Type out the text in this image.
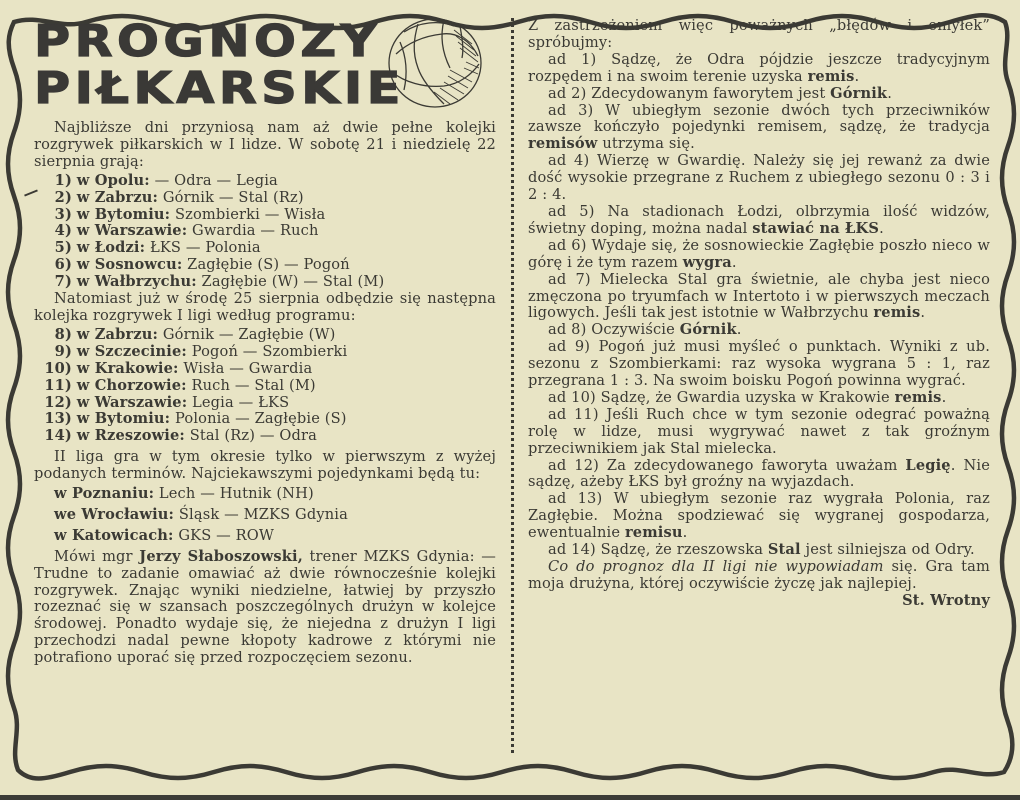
PROGNOZY
PIŁKARSKIE

Najbliższe dni przyniosą nam aż dwie pełne kolejki rozgrywek piłkarskich w I lidze. W sobotę 21 i niedzielę 22 sierpnia grają:

1) w Opolu: — Odra — Legia
2) w Zabrzu: Górnik — Stal (Rz)
3) w Bytomiu: Szombierki — Wisła
4) w Warszawie: Gwardia — Ruch
5) w Łodzi: ŁKS — Polonia
6) w Sosnowcu: Zagłębie (S) — Pogoń
7) w Wałbrzychu: Zagłębie (W) — Stal (M)

Natomiast już w środę 25 sierpnia odbędzie się następna kolejka rozgrywek I ligi według programu:

8) w Zabrzu: Górnik — Zagłębie (W)
9) w Szczecinie: Pogoń — Szombierki
10) w Krakowie: Wisła — Gwardia
11) w Chorzowie: Ruch — Stal (M)
12) w Warszawie: Legia — ŁKS
13) w Bytomiu: Polonia — Zagłębie (S)
14) w Rzeszowie: Stal (Rz) — Odra

II liga gra w tym okresie tylko w pierwszym z wyżej podanych terminów. Najciekawszymi pojedynkami będą tu:

w Poznaniu: Lech — Hutnik (NH)
we Wrocławiu: Śląsk — MZKS Gdynia
w Katowicach: GKS — ROW

Mówi mgr Jerzy Słaboszowski, trener MZKS Gdynia: — Trudne to zadanie omawiać aż dwie równocześnie kolejki rozgrywek. Znając wyniki niedzielne, łatwiej by przyszło rozeznać się w szansach poszczególnych drużyn w kolejce środowej. Ponadto wydaje się, że niejedna z drużyn I ligi przechodzi nadal pewne kłopoty kadrowe z którymi nie potrafiono uporać się przed rozpoczęciem sezonu.

Z zastrzeżeniem więc poważnych „błędów i omyłek” spróbujmy:

ad 1) Sądzę, że Odra pójdzie jeszcze tradycyjnym rozpędem i na swoim terenie uzyska remis.

ad 2) Zdecydowanym faworytem jest Górnik.

ad 3) W ubiegłym sezonie dwóch tych przeciwników zawsze kończyło pojedynki remisem, sądzę, że tradycja remisów utrzyma się.

ad 4) Wierzę w Gwardię. Należy się jej rewanż za dwie dość wysokie przegrane z Ruchem z ubiegłego sezonu 0 : 3 i 2 : 4.

ad 5) Na stadionach Łodzi, olbrzymia ilość widzów, świetny doping, można nadal stawiać na ŁKS.

ad 6) Wydaje się, że sosnowieckie Zagłębie poszło nieco w górę i że tym razem wygra.

ad 7) Mielecka Stal gra świetnie, ale chyba jest nieco zmęczona po tryumfach w Intertoto i w pierwszych meczach ligowych. Jeśli tak jest istotnie w Wałbrzychu remis.

ad 8) Oczywiście Górnik.

ad 9) Pogoń już musi myśleć o punktach. Wyniki z ub. sezonu z Szombierkami: raz wysoka wygrana 5 : 1, raz przegrana 1 : 3. Na swoim boisku Pogoń powinna wygrać.

ad 10) Sądzę, że Gwardia uzyska w Krakowie remis.

ad 11) Jeśli Ruch chce w tym sezonie odegrać poważną rolę w lidze, musi wygrywać nawet z tak groźnym przeciwnikiem jak Stal mielecka.

ad 12) Za zdecydowanego faworyta uważam Legię. Nie sądzę, ażeby ŁKS był groźny na wyjazdach.

ad 13) W ubiegłym sezonie raz wygrała Polonia, raz Zagłębie. Można spodziewać się wygranej gospodarza, ewentualnie remisu.

ad 14) Sądzę, że rzeszowska Stal jest silniejsza od Odry.

Co do prognoz dla II ligi nie wypowiadam się. Gra tam moja drużyna, której oczywiście życzę jak najlepiej.

St. Wrotny
